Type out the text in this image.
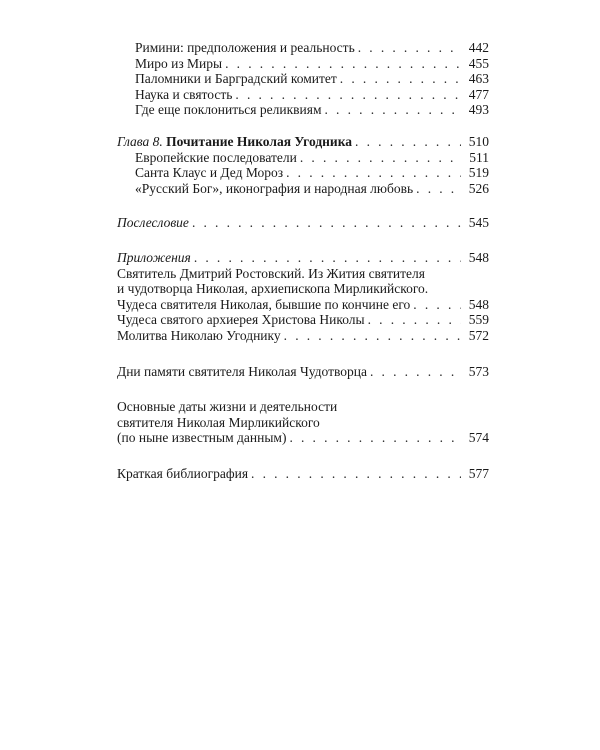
Римини: предположения и реальность . . .	442
Миро из Миры . . .	455
Паломники и Барградский комитет . . .	463
Наука и святость . . .	477
Где еще поклониться реликвиям . . .	493
Глава 8. Почитание Николая Угодника . . .	510
Европейские последователи . . .	511
Санта Клаус и Дед Мороз . . .	519
«Русский Бог», иконография и народная любовь . . .	526
Послесловие . . .	545
Приложения . . .	548
Святитель Дмитрий Ростовский. Из Жития святителя
и чудотворца Николая, архиепископа Мирликийского.
Чудеса святителя Николая, бывшие по кончине его . . .	548
Чудеса святого архиерея Христова Николы . . .	559
Молитва Николаю Угоднику . . .	572
Дни памяти святителя Николая Чудотворца . . .	573
Основные даты жизни и деятельности
святителя Николая Мирликийского
(по ныне известным данным) . . .	574
Краткая библиография . . .	577
